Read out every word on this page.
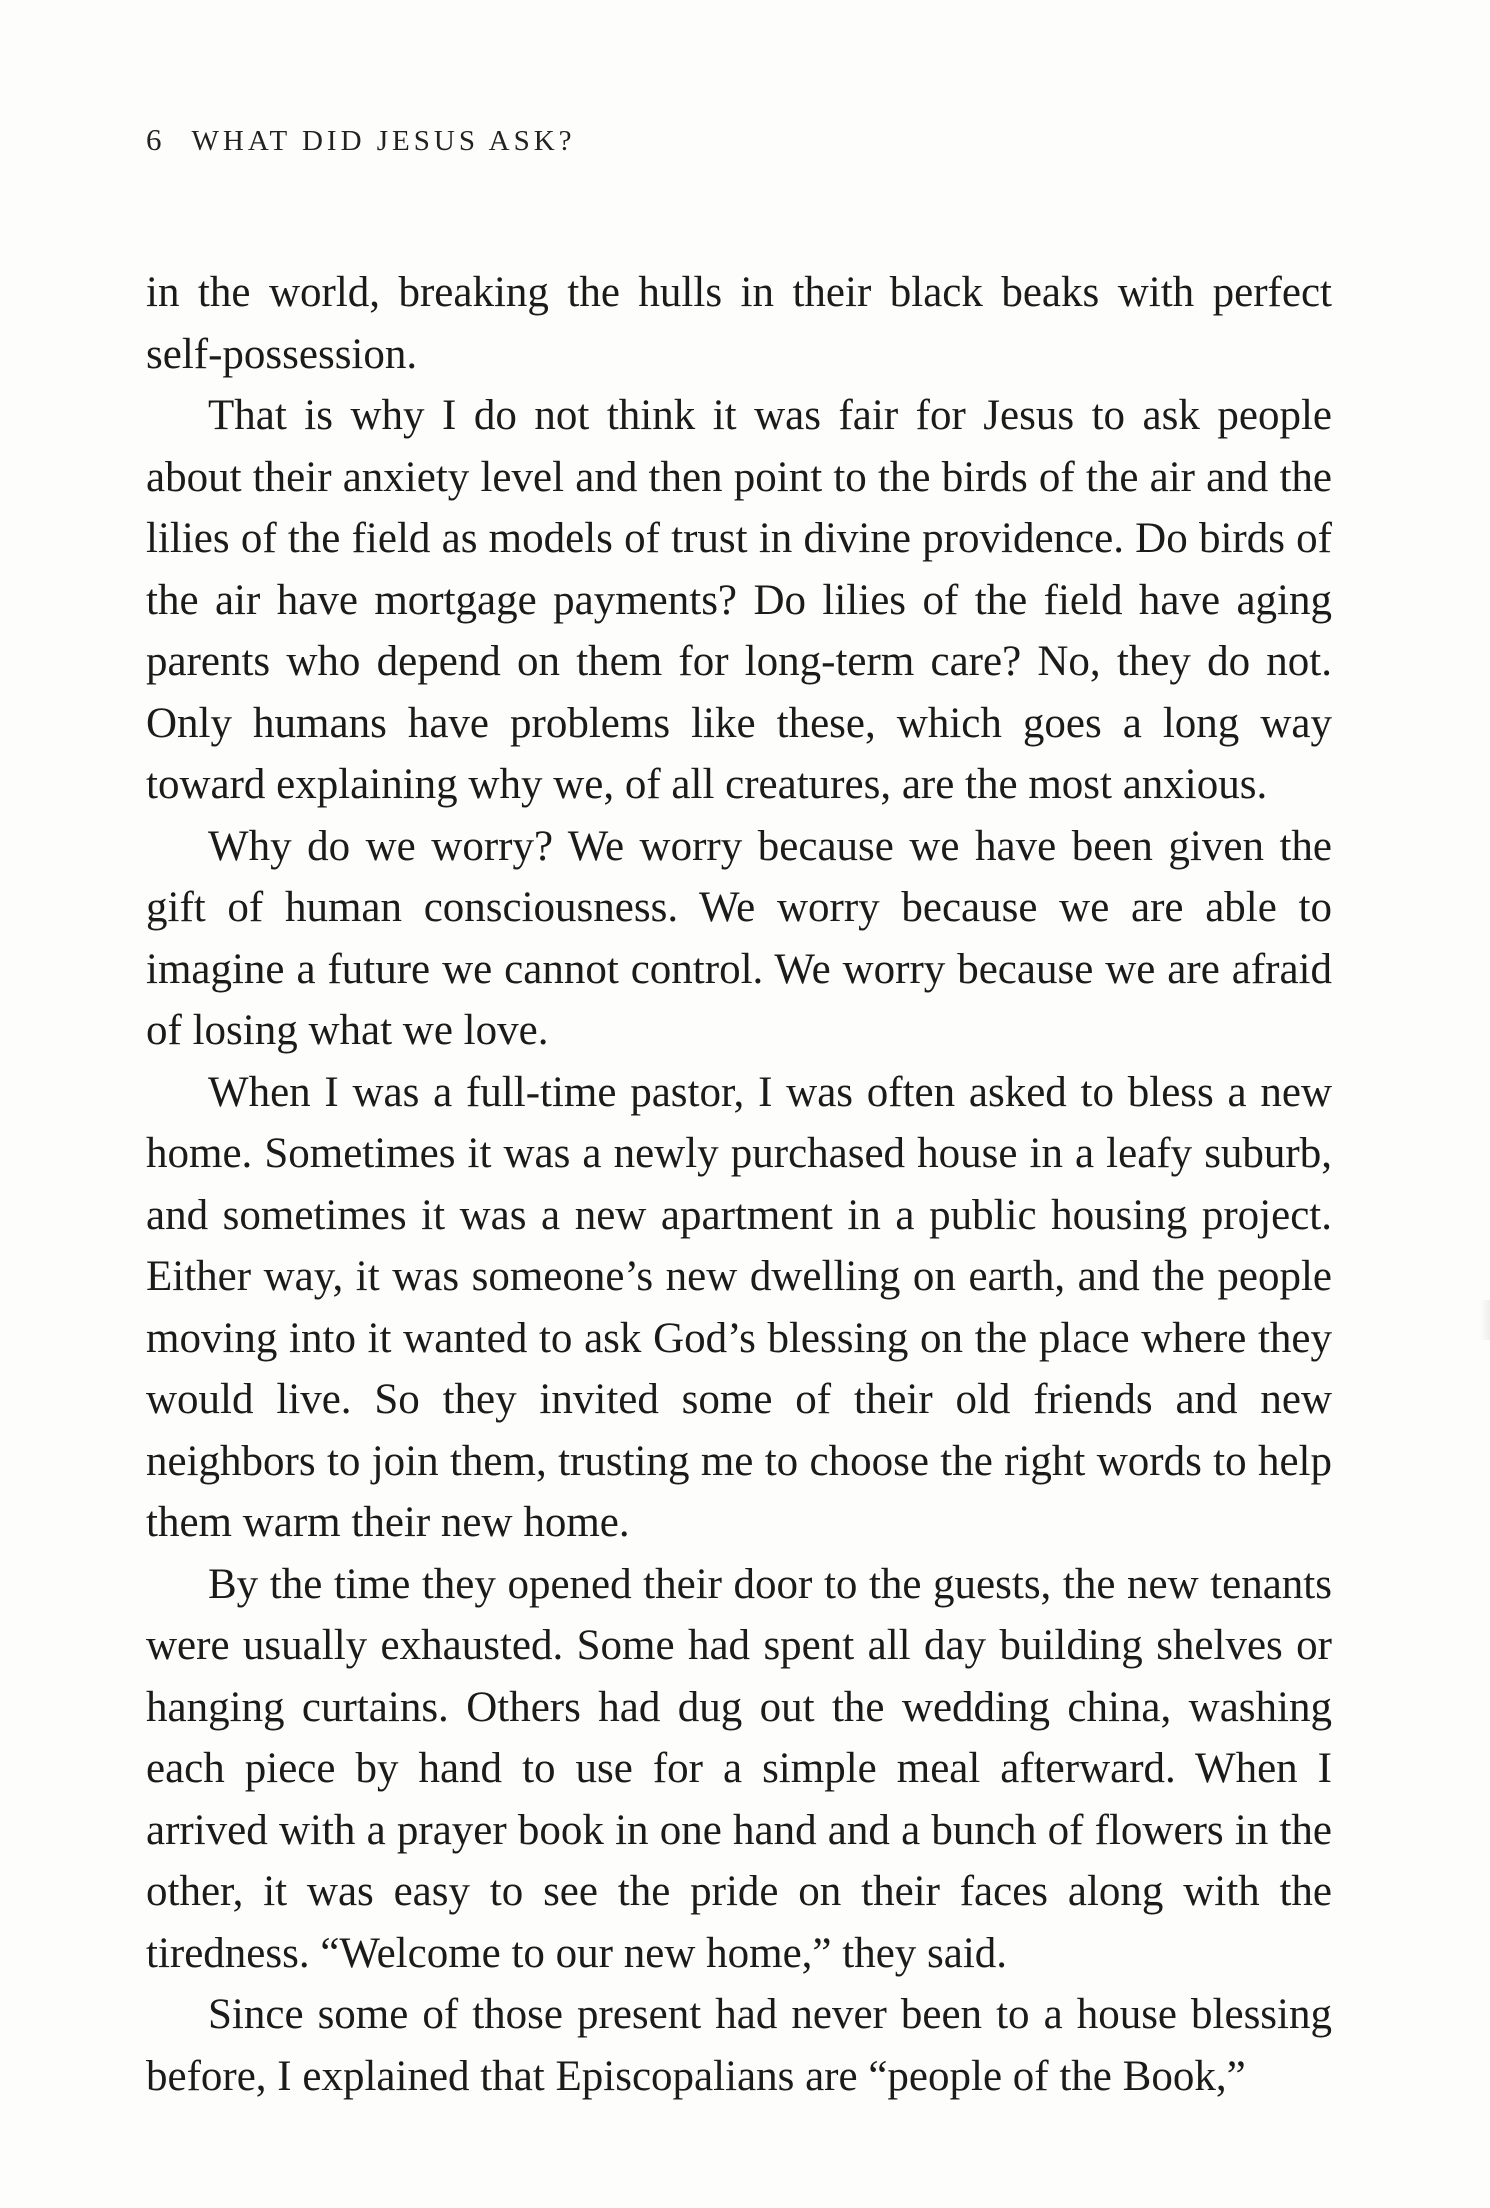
6 WHAT DID JESUS ASK?

in the world, breaking the hulls in their black beaks with perfect self-possession.

That is why I do not think it was fair for Jesus to ask people about their anxiety level and then point to the birds of the air and the lilies of the field as models of trust in divine providence. Do birds of the air have mortgage payments? Do lilies of the field have aging parents who depend on them for long-term care? No, they do not. Only humans have problems like these, which goes a long way toward explaining why we, of all creatures, are the most anxious.

Why do we worry? We worry because we have been given the gift of human consciousness. We worry because we are able to imagine a future we cannot control. We worry because we are afraid of losing what we love.

When I was a full-time pastor, I was often asked to bless a new home. Sometimes it was a newly purchased house in a leafy suburb, and sometimes it was a new apartment in a public housing project. Either way, it was someone’s new dwelling on earth, and the people moving into it wanted to ask God’s blessing on the place where they would live. So they invited some of their old friends and new neighbors to join them, trusting me to choose the right words to help them warm their new home.

By the time they opened their door to the guests, the new tenants were usually exhausted. Some had spent all day building shelves or hanging curtains. Others had dug out the wedding china, washing each piece by hand to use for a simple meal afterward. When I arrived with a prayer book in one hand and a bunch of flowers in the other, it was easy to see the pride on their faces along with the tiredness. “Welcome to our new home,” they said.

Since some of those present had never been to a house blessing before, I explained that Episcopalians are “people of the Book,”
